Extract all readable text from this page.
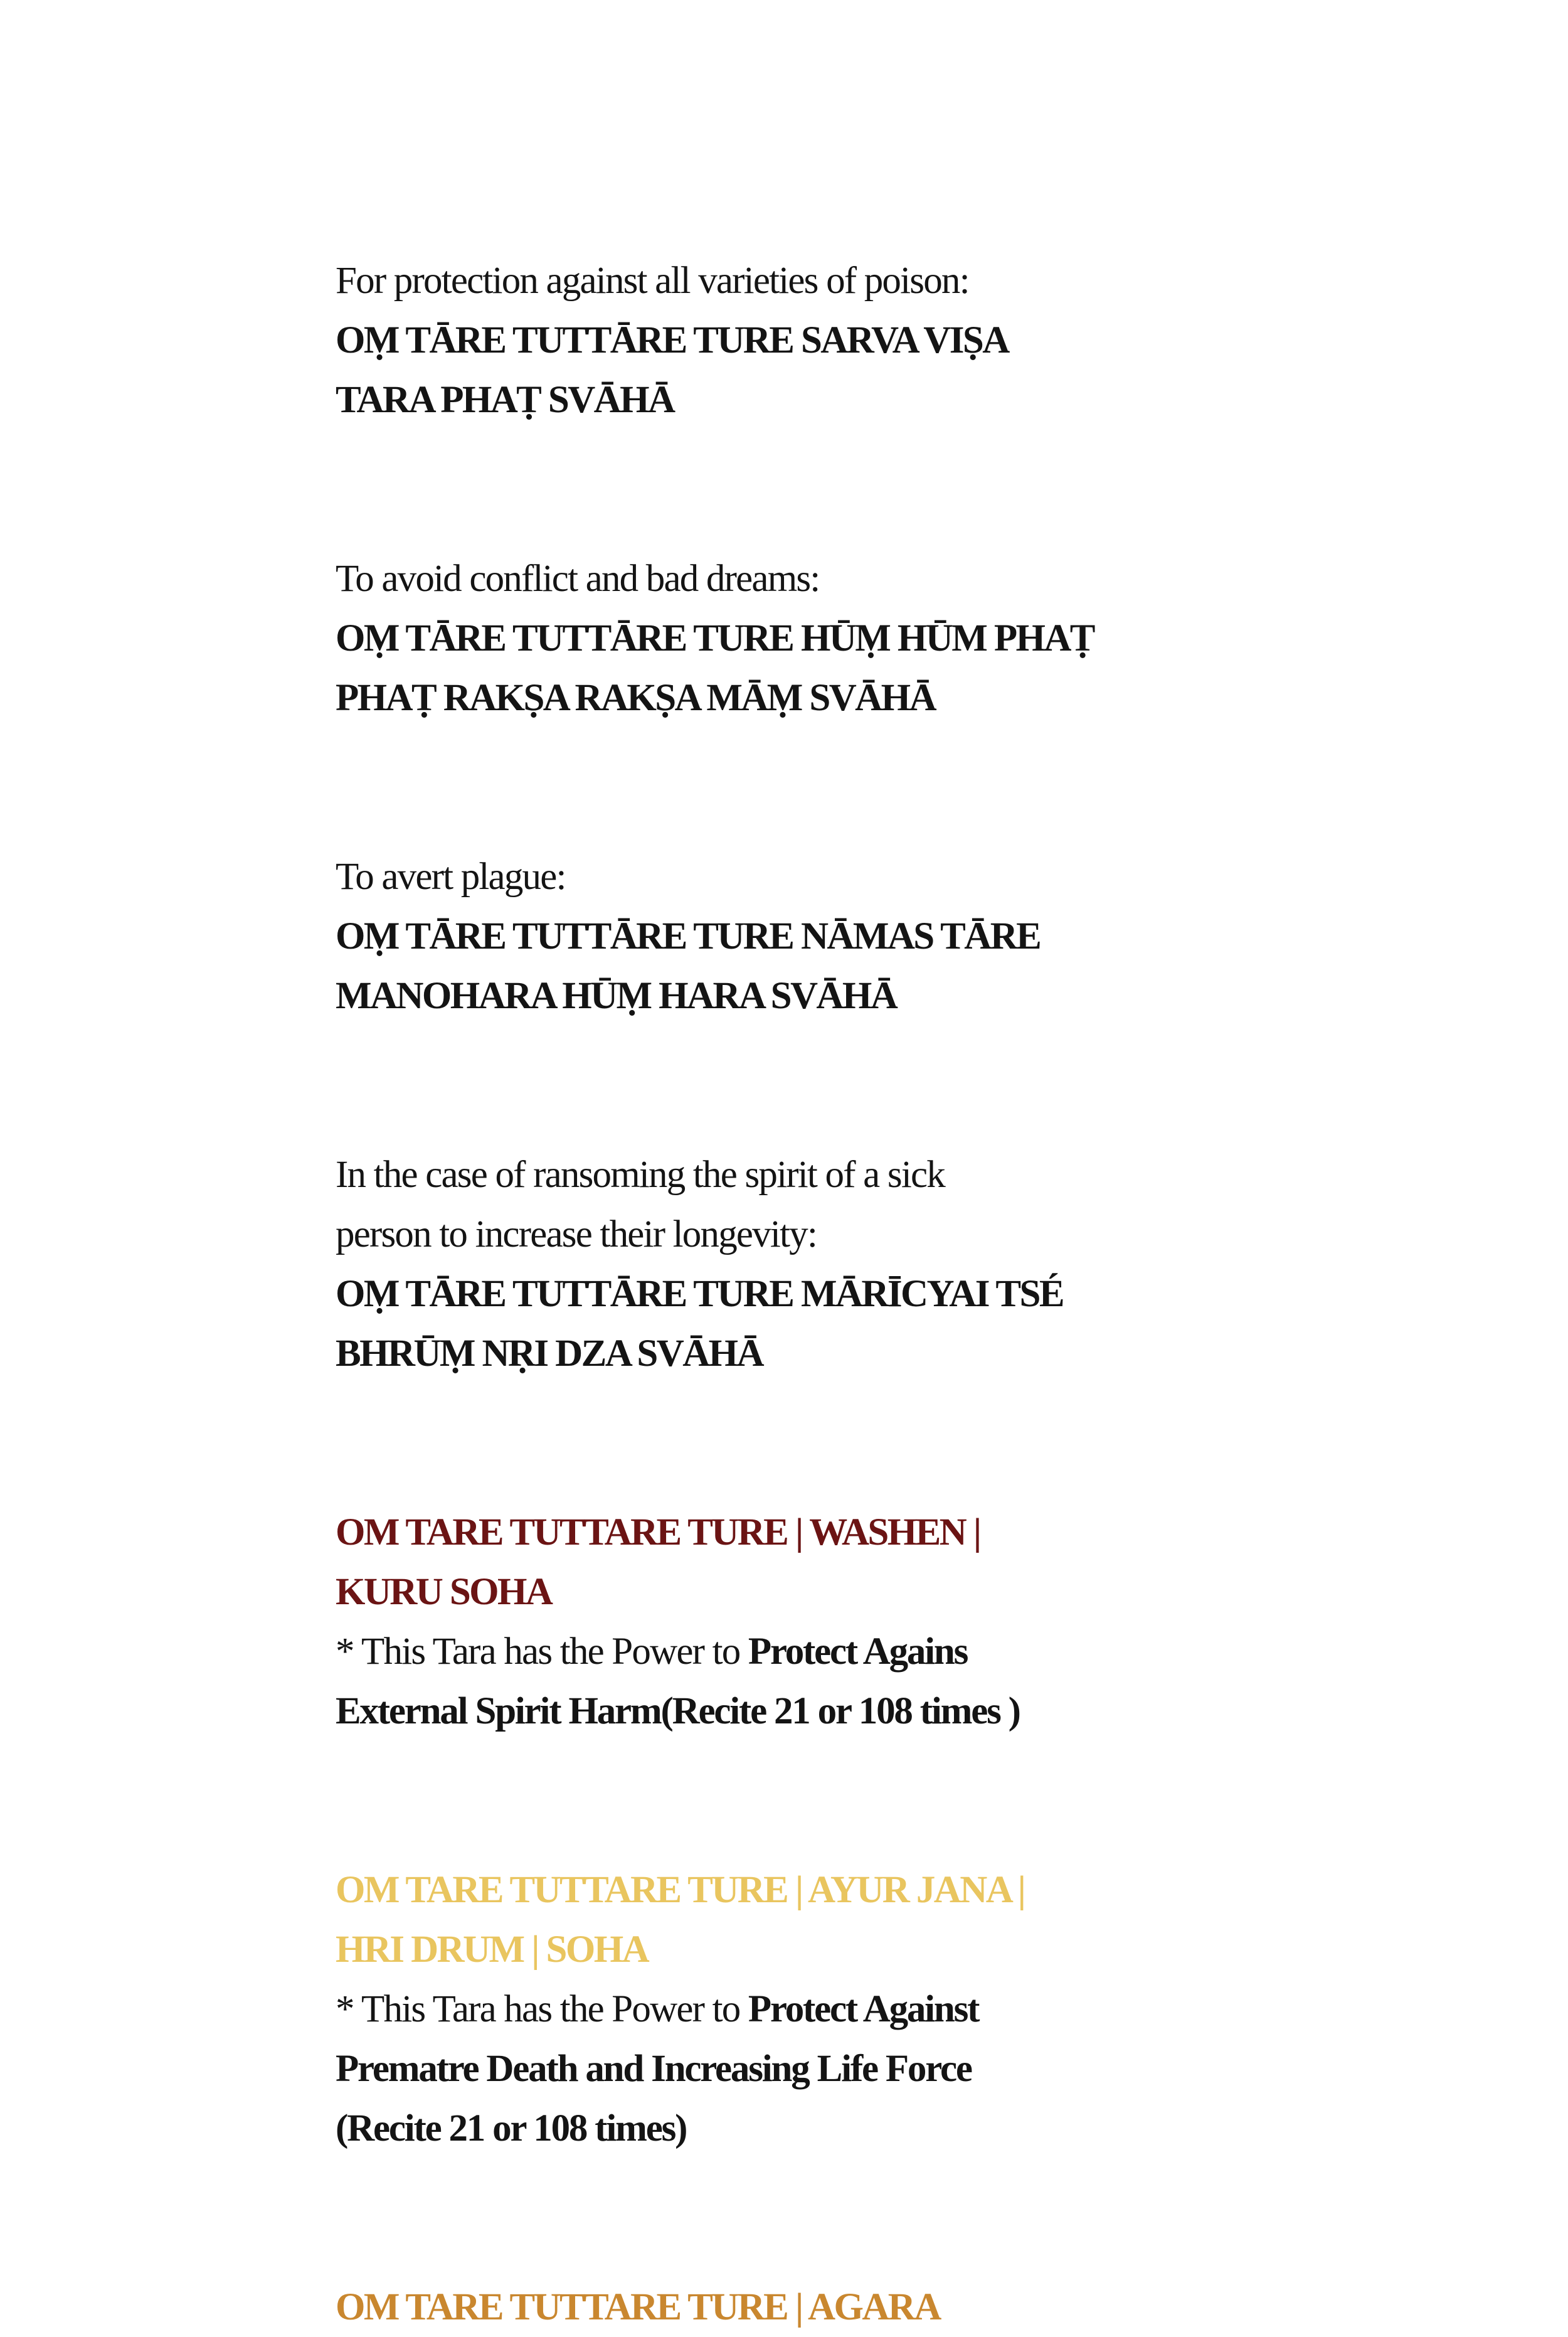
For protection against all varieties of poison:
OṂ TĀRE TUTTĀRE TURE SARVA VIṢA
TARA PHAṬ SVĀHĀ
To avoid conflict and bad dreams:
OṂ TĀRE TUTTĀRE TURE HŪṂ HŪM PHAṬ
PHAṬ RAKṢA RAKṢA MĀṂ SVĀHĀ
To avert plague:
OṂ TĀRE TUTTĀRE TURE NĀMAS TĀRE
MANOHARA HŪṂ HARA SVĀHĀ
In the case of ransoming the spirit of a sick
person to increase their longevity:
OṂ TĀRE TUTTĀRE TURE MĀRĪCYAI TSÉ
BHRŪṂ NṚI DZA SVĀHĀ
OM TARE TUTTARE TURE | WASHEN |
KURU SOHA
* This Tara has the Power to Protect Agains
External Spirit Harm(Recite 21 or 108 times )
OM TARE TUTTARE TURE | AYUR JANA |
HRI DRUM | SOHA
* This Tara has the Power to Protect Against
Prematre Death and Increasing Life Force
(Recite 21 or 108 times)
OM TARE TUTTARE TURE | AGARA
